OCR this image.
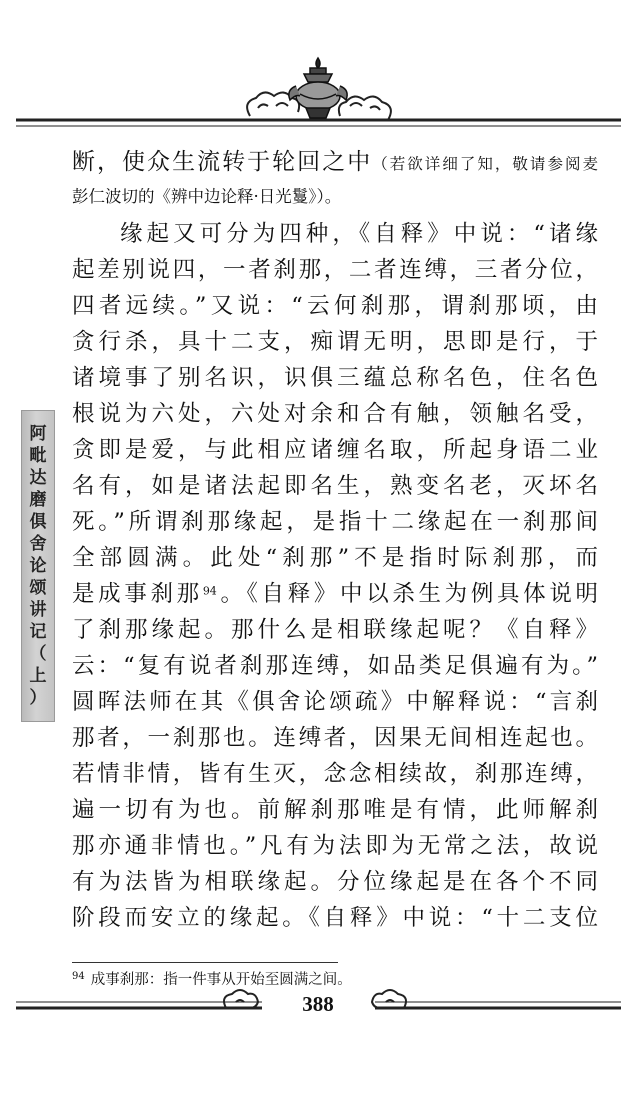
断，使众生流转于轮回之中（若欲详细了知，敬请参阅麦
彭仁波切的《辨中边论释·日光鬘》）。
缘起又可分为四种，《自释》中说：“诸缘
起差别说四，一者刹那，二者连缚，三者分位，
四者远续。”又说：“云何刹那，谓刹那顷，由
贪行杀，具十二支，痴谓无明，思即是行，于
诸境事了别名识，识俱三蕴总称名色，住名色
根说为六处，六处对余和合有触，领触名受，
贪即是爱，与此相应诸缠名取，所起身语二业
名有，如是诸法起即名生，熟变名老，灭坏名
死。”所谓刹那缘起，是指十二缘起在一刹那间
全部圆满。此处“刹那”不是指时际刹那，而
是成事刹那$^{94}$。《自释》中以杀生为例具体说明
了刹那缘起。那什么是相联缘起呢？《自释》
云：“复有说者刹那连缚，如品类足俱遍有为。”
圆晖法师在其《俱舍论颂疏》中解释说：“言刹
那者，一刹那也。连缚者，因果无间相连起也。
若情非情，皆有生灭，念念相续故，刹那连缚，
遍一切有为也。前解刹那唯是有情，此师解刹
那亦通非情也。”凡有为法即为无常之法，故说
有为法皆为相联缘起。分位缘起是在各个不同
阶段而安立的缘起。《自释》中说：“十二支位
阿
毗
达
磨
俱
舍
论
颂
讲
记
（
上
）
$^{94}$ 成事刹那：指一件事从开始至圆满之间。
388
